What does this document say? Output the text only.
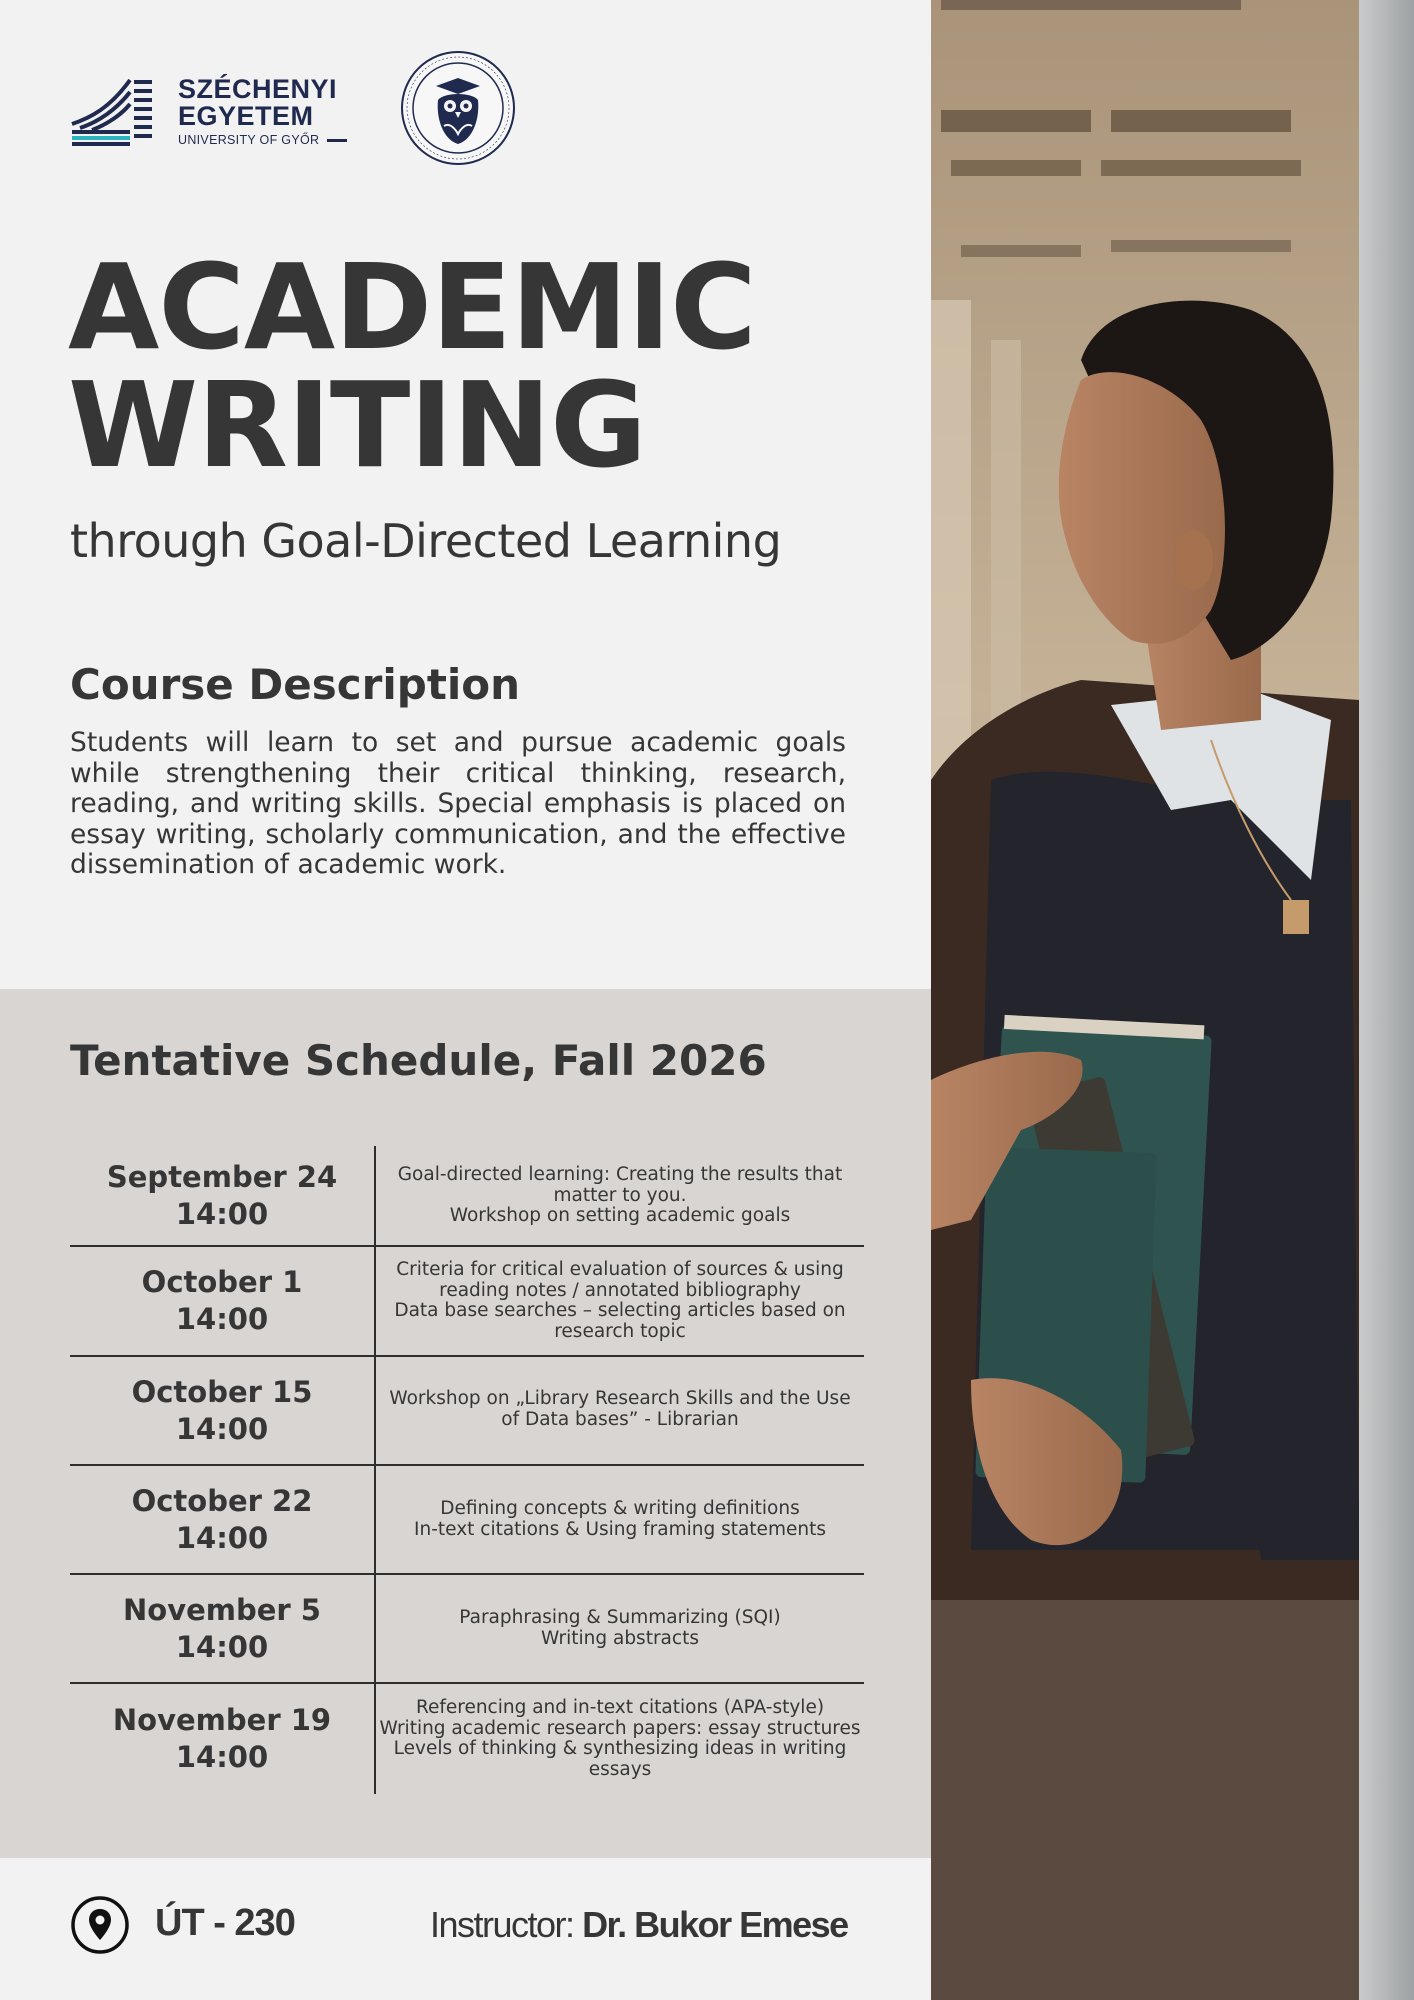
SZÉCHENYI
EGYETEM
UNIVERSITY OF GYŐR
ACADEMIC
WRITING
through Goal-Directed Learning
Course Description
Students will learn to set and pursue academic goals while strengthening their critical thinking, research, reading, and writing skills. Special emphasis is placed on essay writing, scholarly communication, and the effective dissemination of academic work.
Tentative Schedule, Fall 2026
September 24
14:00
Goal-directed learning: Creating the results that
matter to you.
Workshop on setting academic goals
October 1
14:00
Criteria for critical evaluation of sources & using
reading notes / annotated bibliography
Data base searches – selecting articles based on
research topic
October 15
14:00
Workshop on „Library Research Skills and the Use
of Data bases” - Librarian
October 22
14:00
Defining concepts & writing definitions
In-text citations & Using framing statements
November 5
14:00
Paraphrasing & Summarizing (SQI)
Writing abstracts
November 19
14:00
Referencing and in-text citations (APA-style)
Writing academic research papers: essay structures
Levels of thinking & synthesizing ideas in writing
essays
ÚT - 230	Instructor: Dr. Bukor Emese
